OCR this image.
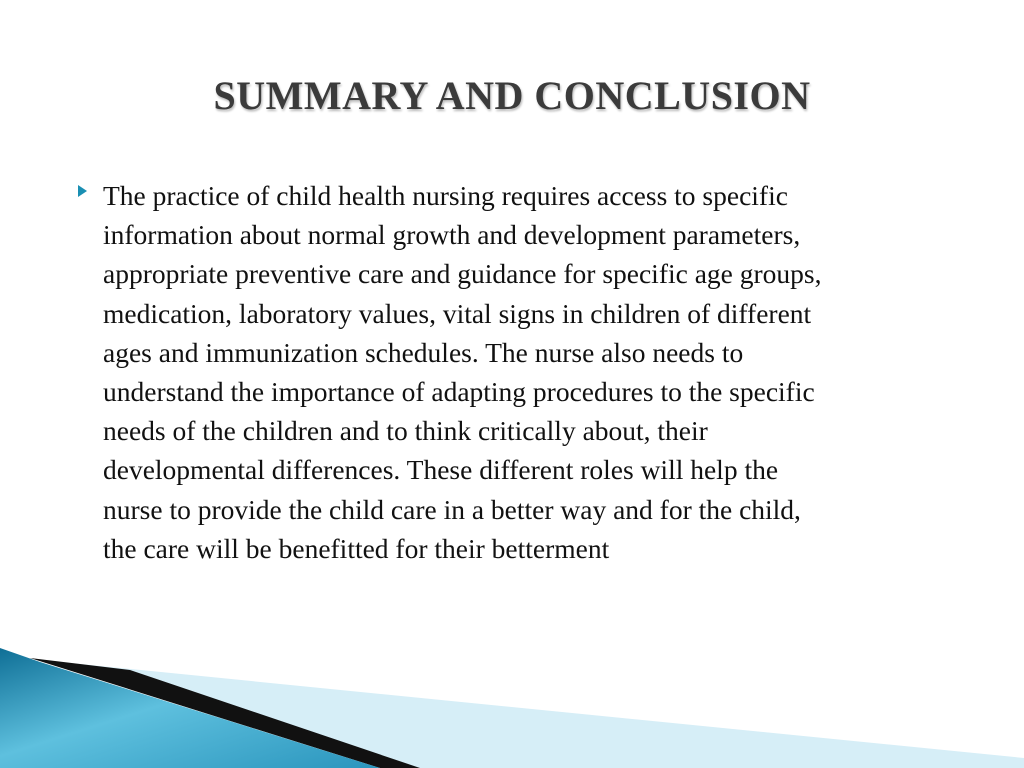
SUMMARY AND CONCLUSION

The practice of child health nursing requires access to specific
information about normal growth and development parameters,
appropriate preventive care and guidance for specific age groups,
medication, laboratory values, vital signs in children of different
ages and immunization schedules. The nurse also needs to
understand the importance of adapting procedures to the specific
needs of the children and to think critically about, their
developmental differences. These different roles will help the
nurse to provide the child care in a better way and for the child,
the care will be benefitted for their betterment
